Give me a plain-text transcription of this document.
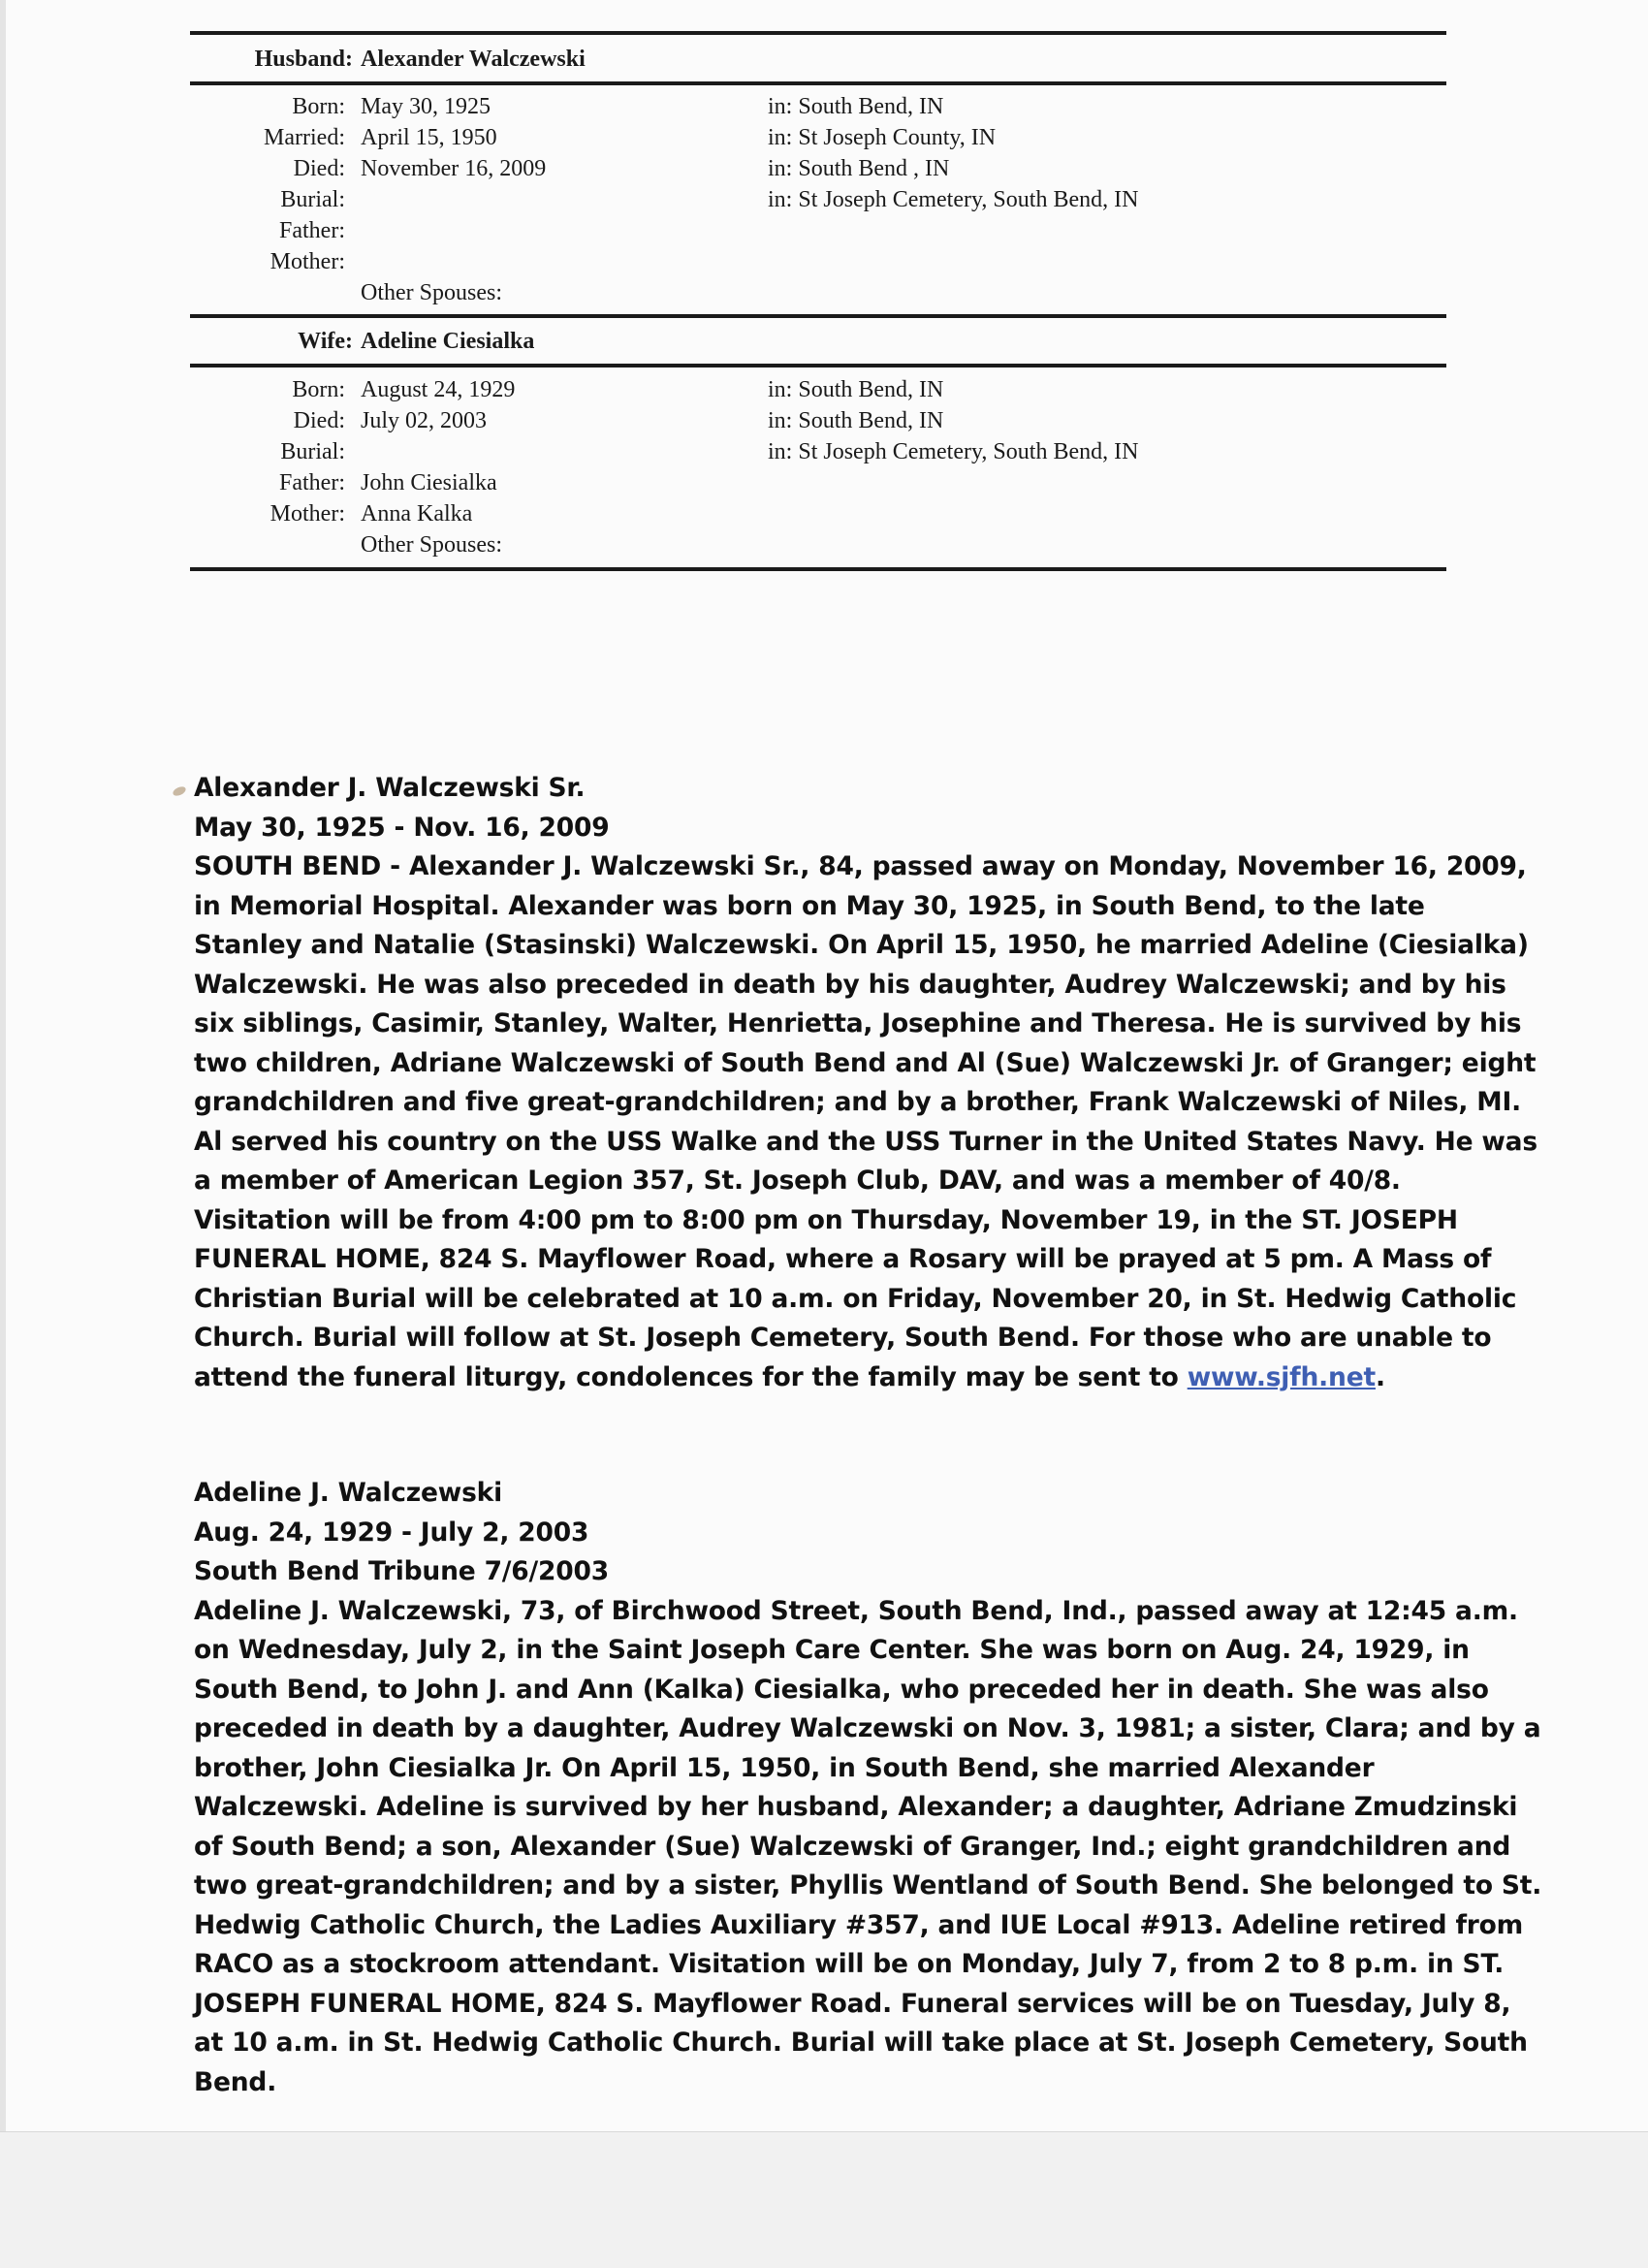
Husband: Alexander Walczewski
Born: May 30, 1925	in: South Bend, IN
Married: April 15, 1950	in: St Joseph County, IN
Died: November 16, 2009	in: South Bend , IN
Burial:	in: St Joseph Cemetery, South Bend, IN
Father:
Mother:
Other Spouses:
Wife: Adeline Ciesialka
Born: August 24, 1929	in: South Bend, IN
Died: July 02, 2003	in: South Bend, IN
Burial:	in: St Joseph Cemetery, South Bend, IN
Father: John Ciesialka
Mother: Anna Kalka
Other Spouses:
Alexander J. Walczewski Sr.
May 30, 1925 - Nov. 16, 2009
SOUTH BEND - Alexander J. Walczewski Sr., 84, passed away on Monday, November 16, 2009,
in Memorial Hospital. Alexander was born on May 30, 1925, in South Bend, to the late
Stanley and Natalie (Stasinski) Walczewski. On April 15, 1950, he married Adeline (Ciesialka)
Walczewski. He was also preceded in death by his daughter, Audrey Walczewski; and by his
six siblings, Casimir, Stanley, Walter, Henrietta, Josephine and Theresa. He is survived by his
two children, Adriane Walczewski of South Bend and Al (Sue) Walczewski Jr. of Granger; eight
grandchildren and five great-grandchildren; and by a brother, Frank Walczewski of Niles, MI.
Al served his country on the USS Walke and the USS Turner in the United States Navy. He was
a member of American Legion 357, St. Joseph Club, DAV, and was a member of 40/8.
Visitation will be from 4:00 pm to 8:00 pm on Thursday, November 19, in the ST. JOSEPH
FUNERAL HOME, 824 S. Mayflower Road, where a Rosary will be prayed at 5 pm. A Mass of
Christian Burial will be celebrated at 10 a.m. on Friday, November 20, in St. Hedwig Catholic
Church. Burial will follow at St. Joseph Cemetery, South Bend. For those who are unable to
attend the funeral liturgy, condolences for the family may be sent to www.sjfh.net.
Adeline J. Walczewski
Aug. 24, 1929 - July 2, 2003
South Bend Tribune 7/6/2003
Adeline J. Walczewski, 73, of Birchwood Street, South Bend, Ind., passed away at 12:45 a.m.
on Wednesday, July 2, in the Saint Joseph Care Center. She was born on Aug. 24, 1929, in
South Bend, to John J. and Ann (Kalka) Ciesialka, who preceded her in death. She was also
preceded in death by a daughter, Audrey Walczewski on Nov. 3, 1981; a sister, Clara; and by a
brother, John Ciesialka Jr. On April 15, 1950, in South Bend, she married Alexander
Walczewski. Adeline is survived by her husband, Alexander; a daughter, Adriane Zmudzinski
of South Bend; a son, Alexander (Sue) Walczewski of Granger, Ind.; eight grandchildren and
two great-grandchildren; and by a sister, Phyllis Wentland of South Bend. She belonged to St.
Hedwig Catholic Church, the Ladies Auxiliary #357, and IUE Local #913. Adeline retired from
RACO as a stockroom attendant. Visitation will be on Monday, July 7, from 2 to 8 p.m. in ST.
JOSEPH FUNERAL HOME, 824 S. Mayflower Road. Funeral services will be on Tuesday, July 8,
at 10 a.m. in St. Hedwig Catholic Church. Burial will take place at St. Joseph Cemetery, South
Bend.
